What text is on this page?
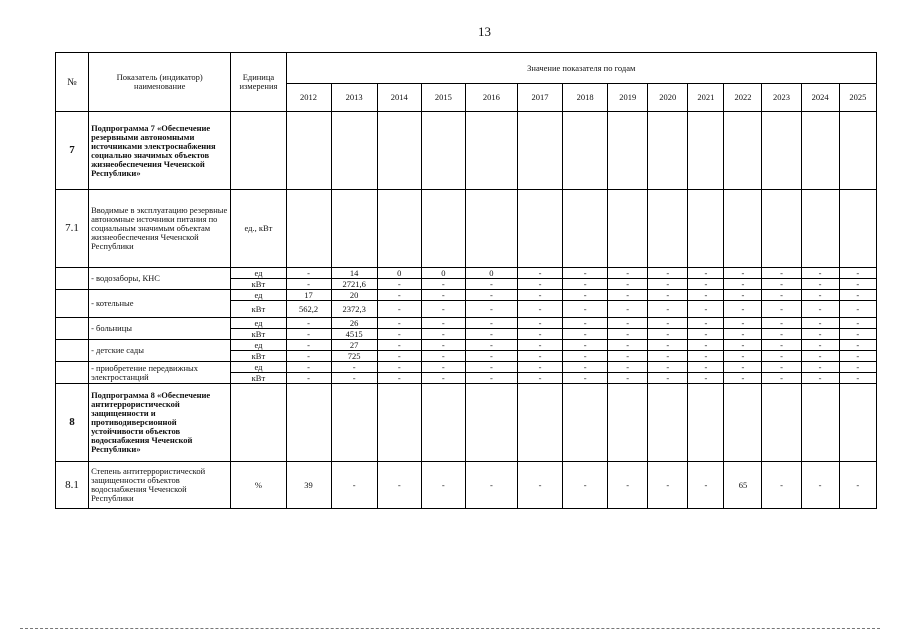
13
№	Показатель (индикатор) наименование	Единица измерения	Значение показателя по годам													
			2012	2013	2014	2015	2016	2017	2018	2019	2020	2021	2022	2023	2024	2025
7	Подпрограмма 7 «Обеспечение резервными автономными источниками электроснабжения социально значимых объектов жизнеобеспечения Чеченской Республики»															
7.1	Вводимые в эксплуатацию резервные автономные источники питания по социальным значимым объектам жизнеобеспечения Чеченской Республики	ед., кВт														
	- водозаборы, КНС	ед	-	14	0	0	0	-	-	-	-	-	-	-	-	-
		кВт	-	2721,6	-	-	-	-	-	-	-	-	-	-	-	-
	- котельные	ед	17	20	-	-	-	-	-	-	-	-	-	-	-	-
		кВт	562,2	2372,3	-	-	-	-	-	-	-	-	-	-	-	-
	- больницы	ед	-	26	-	-	-	-	-	-	-	-	-	-	-	-
		кВт	-	4515	-	-	-	-	-	-	-	-	-	-	-	-
	- детские сады	ед	-	27	-	-	-	-	-	-	-	-	-	-	-	-
		кВт	-	725	-	-	-	-	-	-	-	-	-	-	-	-
	- приобретение передвижных электростанций	ед	-	-	-	-	-	-	-	-	-	-	-	-	-	-
		кВт	-	-	-	-	-	-	-	-	-	-	-	-	-	-
8	Подпрограмма 8 «Обеспечение антитеррористической защищенности и противодиверсионной устойчивости объектов водоснабжения Чеченской Республики»															
8.1	Степень антитеррористической защищенности объектов водоснабжения Чеченской Республики	%	39	-	-	-	-	-	-	-	-	-	65	-	-	-
